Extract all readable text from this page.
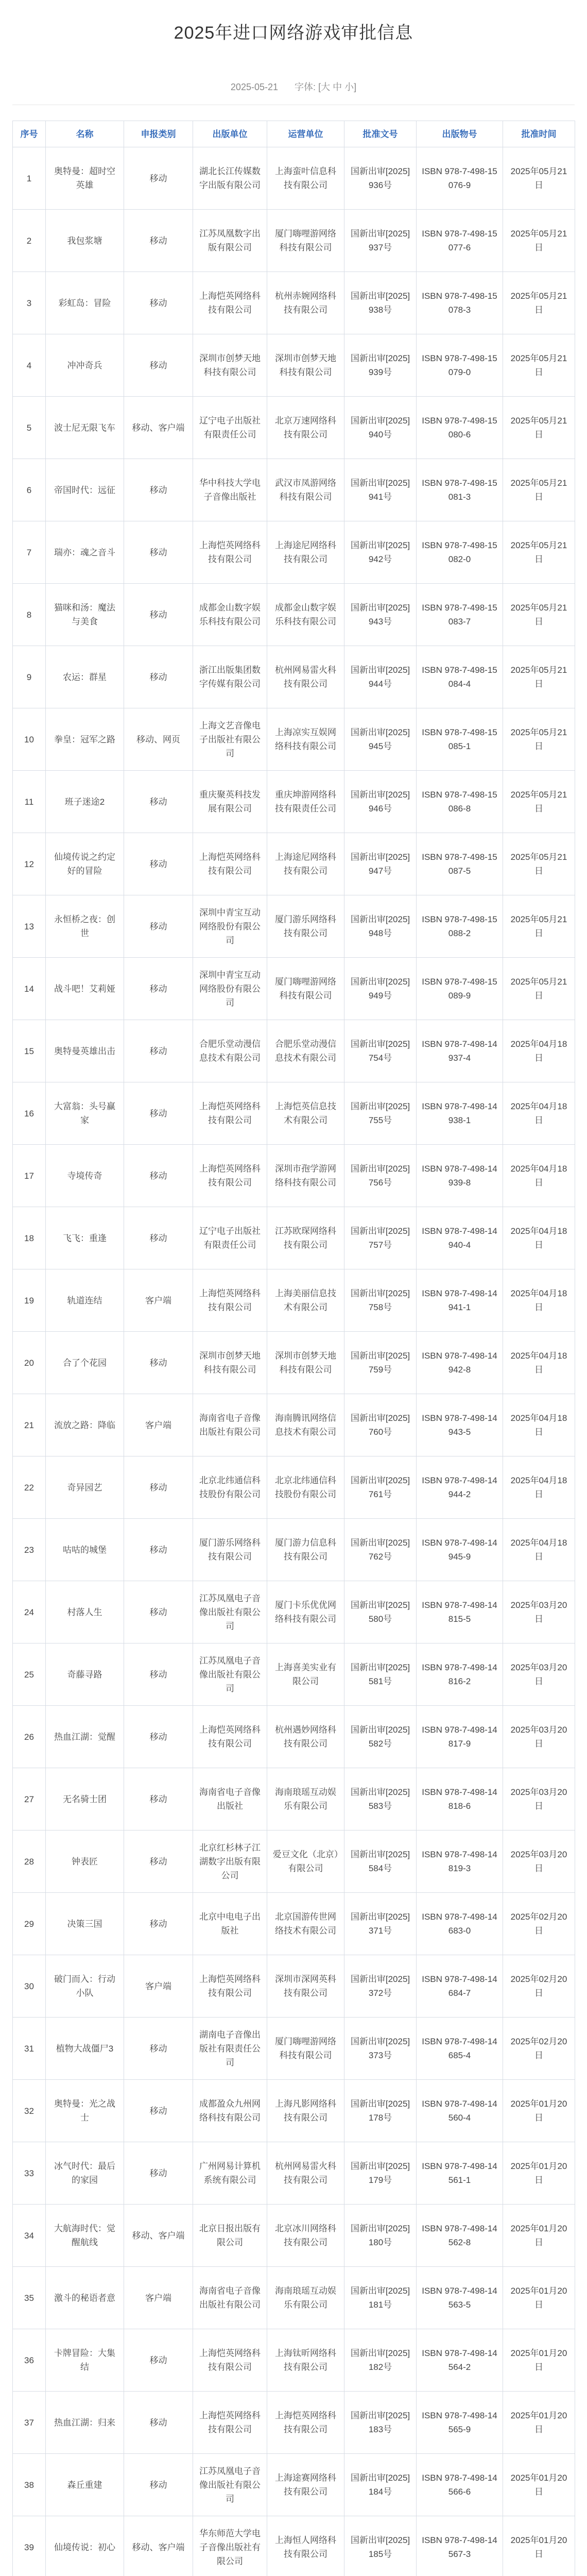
2025年进口网络游戏审批信息
2025-05-21 字体: [大 中 小]
序号	名称	申报类别	出版单位	运营单位	批准文号	出版物号	批准时间
1	奥特曼：超时空英雄	移动	湖北长江传媒数字出版有限公司	上海蛮叶信息科技有限公司	国新出审[2025]936号	ISBN 978-7-498-15076-9	2025年05月21日
2	我包浆塘	移动	江苏凤凰数字出版有限公司	厦门嗨哩游网络科技有限公司	国新出审[2025]937号	ISBN 978-7-498-15077-6	2025年05月21日
3	彩虹岛：冒险	移动	上海恺英网络科技有限公司	杭州赤婉网络科技有限公司	国新出审[2025]938号	ISBN 978-7-498-15078-3	2025年05月21日
4	冲冲奇兵	移动	深圳市创梦天地科技有限公司	深圳市创梦天地科技有限公司	国新出审[2025]939号	ISBN 978-7-498-15079-0	2025年05月21日
5	波士尼无限飞车	移动、客户端	辽宁电子出版社有限责任公司	北京万速网络科技有限公司	国新出审[2025]940号	ISBN 978-7-498-15080-6	2025年05月21日
6	帝国时代：远征	移动	华中科技大学电子音像出版社	武汉市凤游网络科技有限公司	国新出审[2025]941号	ISBN 978-7-498-15081-3	2025年05月21日
7	瑞亦：魂之音斗	移动	上海恺英网络科技有限公司	上海途尼网络科技有限公司	国新出审[2025]942号	ISBN 978-7-498-15082-0	2025年05月21日
8	猫咪和汤：魔法与美食	移动	成都金山数字娱乐科技有限公司	成都金山数字娱乐科技有限公司	国新出审[2025]943号	ISBN 978-7-498-15083-7	2025年05月21日
9	农运：群星	移动	浙江出版集团数字传媒有限公司	杭州网易雷火科技有限公司	国新出审[2025]944号	ISBN 978-7-498-15084-4	2025年05月21日
10	拳皇：冠军之路	移动、网页	上海文艺音像电子出版社有限公司	上海凉实互娱网络科技有限公司	国新出审[2025]945号	ISBN 978-7-498-15085-1	2025年05月21日
11	班子迷途2	移动	重庆聚英科技发展有限公司	重庆坤游网络科技有限责任公司	国新出审[2025]946号	ISBN 978-7-498-15086-8	2025年05月21日
12	仙境传说之约定好的冒险	移动	上海恺英网络科技有限公司	上海途尼网络科技有限公司	国新出审[2025]947号	ISBN 978-7-498-15087-5	2025年05月21日
13	永恒桥之夜：创世	移动	深圳中青宝互动网络股份有限公司	厦门游乐网络科技有限公司	国新出审[2025]948号	ISBN 978-7-498-15088-2	2025年05月21日
14	战斗吧！艾莉娅	移动	深圳中青宝互动网络股份有限公司	厦门嗨哩游网络科技有限公司	国新出审[2025]949号	ISBN 978-7-498-15089-9	2025年05月21日
15	奥特曼英雄出击	移动	合肥乐堂动漫信息技术有限公司	合肥乐堂动漫信息技术有限公司	国新出审[2025]754号	ISBN 978-7-498-14937-4	2025年04月18日
16	大富翁：头号赢家	移动	上海恺英网络科技有限公司	上海恺英信息技术有限公司	国新出审[2025]755号	ISBN 978-7-498-14938-1	2025年04月18日
17	寺境传奇	移动	上海恺英网络科技有限公司	深圳市孢学游网络科技有限公司	国新出审[2025]756号	ISBN 978-7-498-14939-8	2025年04月18日
18	飞飞：重逢	移动	辽宁电子出版社有限责任公司	江苏欧琛网络科技有限公司	国新出审[2025]757号	ISBN 978-7-498-14940-4	2025年04月18日
19	轨道连结	客户端	上海恺英网络科技有限公司	上海美丽信息技术有限公司	国新出审[2025]758号	ISBN 978-7-498-14941-1	2025年04月18日
20	合了个花园	移动	深圳市创梦天地科技有限公司	深圳市创梦天地科技有限公司	国新出审[2025]759号	ISBN 978-7-498-14942-8	2025年04月18日
21	流放之路：降临	客户端	海南省电子音像出版社有限公司	海南腾讯网络信息技术有限公司	国新出审[2025]760号	ISBN 978-7-498-14943-5	2025年04月18日
22	奇异园艺	移动	北京北纬通信科技股份有限公司	北京北纬通信科技股份有限公司	国新出审[2025]761号	ISBN 978-7-498-14944-2	2025年04月18日
23	咕咕的城堡	移动	厦门游乐网络科技有限公司	厦门游力信息科技有限公司	国新出审[2025]762号	ISBN 978-7-498-14945-9	2025年04月18日
24	村落人生	移动	江苏凤凰电子音像出版社有限公司	厦门卡乐优优网络科技有限公司	国新出审[2025]580号	ISBN 978-7-498-14815-5	2025年03月20日
25	奇藤寻路	移动	江苏凤凰电子音像出版社有限公司	上海喜美实业有限公司	国新出审[2025]581号	ISBN 978-7-498-14816-2	2025年03月20日
26	热血江湖：觉醒	移动	上海恺英网络科技有限公司	杭州遇妙网络科技有限公司	国新出审[2025]582号	ISBN 978-7-498-14817-9	2025年03月20日
27	无名骑士团	移动	海南省电子音像出版社	海南琅瑶互动娱乐有限公司	国新出审[2025]583号	ISBN 978-7-498-14818-6	2025年03月20日
28	钟表匠	移动	北京红杉林子江湖数字出版有限公司	爱豆文化（北京）有限公司	国新出审[2025]584号	ISBN 978-7-498-14819-3	2025年03月20日
29	决策三国	移动	北京中电电子出版社	北京国游传世网络技术有限公司	国新出审[2025]371号	ISBN 978-7-498-14683-0	2025年02月20日
30	破门而入：行动小队	客户端	上海恺英网络科技有限公司	深圳市深网英科技有限公司	国新出审[2025]372号	ISBN 978-7-498-14684-7	2025年02月20日
31	植物大战僵尸3	移动	湖南电子音像出版社有限责任公司	厦门嗨哩游网络科技有限公司	国新出审[2025]373号	ISBN 978-7-498-14685-4	2025年02月20日
32	奥特曼：光之战士	移动	成都盈众九州网络科技有限公司	上海凡影网络科技有限公司	国新出审[2025]178号	ISBN 978-7-498-14560-4	2025年01月20日
33	冰气时代：最后的家园	移动	广州网易计算机系统有限公司	杭州网易雷火科技有限公司	国新出审[2025]179号	ISBN 978-7-498-14561-1	2025年01月20日
34	大航海时代：觉醒航线	移动、客户端	北京日报出版有限公司	北京冰川网络科技有限公司	国新出审[2025]180号	ISBN 978-7-498-14562-8	2025年01月20日
35	激斗的秘语者意	客户端	海南省电子音像出版社有限公司	海南琅瑶互动娱乐有限公司	国新出审[2025]181号	ISBN 978-7-498-14563-5	2025年01月20日
36	卡牌冒险：大集结	移动	上海恺英网络科技有限公司	上海钛昕网络科技有限公司	国新出审[2025]182号	ISBN 978-7-498-14564-2	2025年01月20日
37	热血江湖：归来	移动	上海恺英网络科技有限公司	上海恺英网络科技有限公司	国新出审[2025]183号	ISBN 978-7-498-14565-9	2025年01月20日
38	森丘重建	移动	江苏凤凰电子音像出版社有限公司	上海途赛网络科技有限公司	国新出审[2025]184号	ISBN 978-7-498-14566-6	2025年01月20日
39	仙境传说：初心	移动、客户端	华东师范大学电子音像出版社有限公司	上海恒人网络科技有限公司	国新出审[2025]185号	ISBN 978-7-498-14567-3	2025年01月20日
